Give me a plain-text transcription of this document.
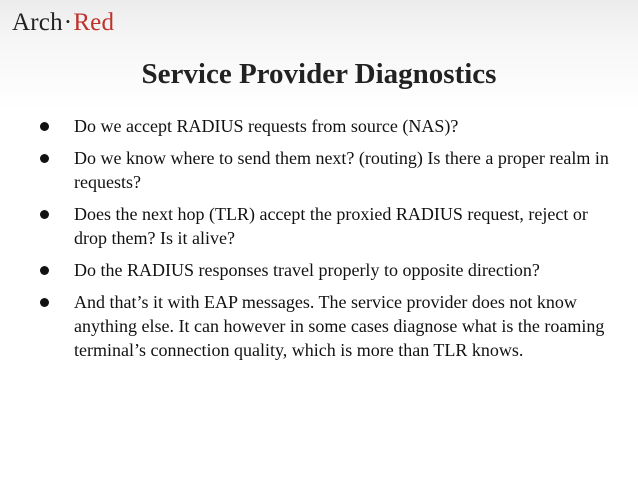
Arch·Red
Service Provider Diagnostics
Do we accept RADIUS requests from source (NAS)?
Do we know where to send them next? (routing) Is there a proper realm in requests?
Does the next hop (TLR) accept the proxied RADIUS request, reject or drop them? Is it alive?
Do the RADIUS responses travel properly to opposite direction?
And that’s it with EAP messages. The service provider does not know anything else. It can however in some cases diagnose what is the roaming terminal’s connection quality, which is more than TLR knows.
